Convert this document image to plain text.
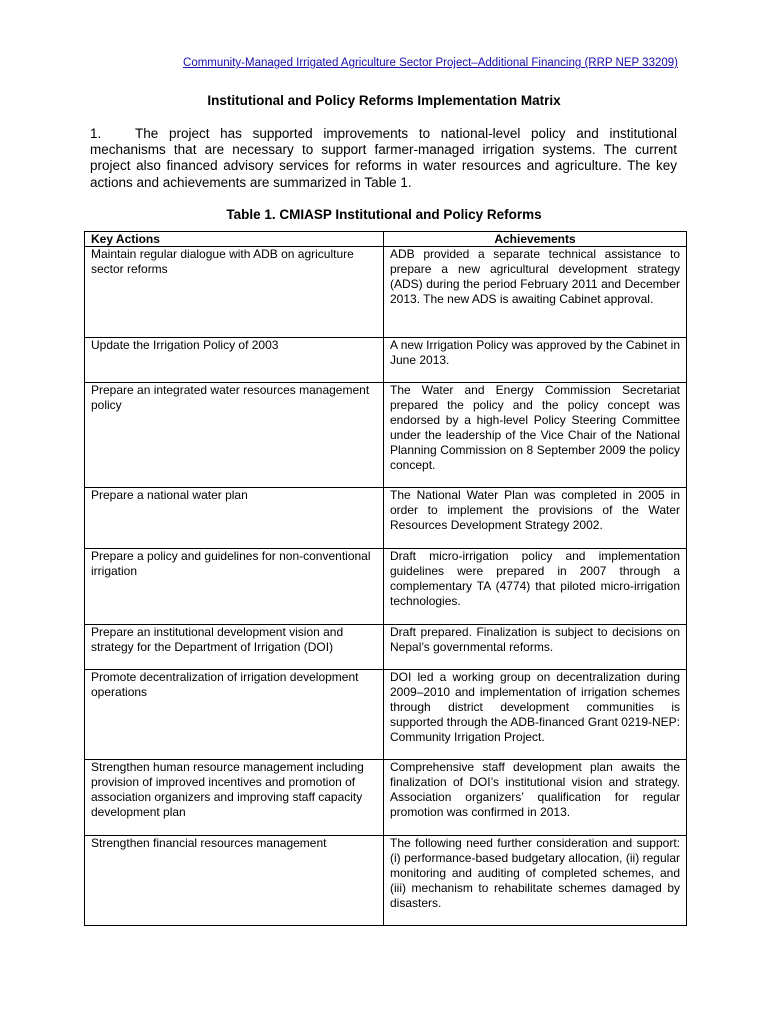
Community-Managed Irrigated Agriculture Sector Project–Additional Financing (RRP NEP 33209)
Institutional and Policy Reforms Implementation Matrix

1. The project has supported improvements to national-level policy and institutional mechanisms that are necessary to support farmer-managed irrigation systems. The current project also financed advisory services for reforms in water resources and agriculture. The key actions and achievements are summarized in Table 1.

Table 1. CMIASP Institutional and Policy Reforms
Key Actions	Achievements
Maintain regular dialogue with ADB on agriculture sector reforms	ADB provided a separate technical assistance to prepare a new agricultural development strategy (ADS) during the period February 2011 and December 2013. The new ADS is awaiting Cabinet approval.
Update the Irrigation Policy of 2003	A new Irrigation Policy was approved by the Cabinet in June 2013.
Prepare an integrated water resources management policy	The Water and Energy Commission Secretariat prepared the policy and the policy concept was endorsed by a high-level Policy Steering Committee under the leadership of the Vice Chair of the National Planning Commission on 8 September 2009 the policy concept.
Prepare a national water plan	The National Water Plan was completed in 2005 in order to implement the provisions of the Water Resources Development Strategy 2002.
Prepare a policy and guidelines for non-conventional irrigation	Draft micro-irrigation policy and implementation guidelines were prepared in 2007 through a complementary TA (4774) that piloted micro-irrigation technologies.
Prepare an institutional development vision and strategy for the Department of Irrigation (DOI)	Draft prepared. Finalization is subject to decisions on Nepal’s governmental reforms.
Promote decentralization of irrigation development operations	DOI led a working group on decentralization during 2009–2010 and implementation of irrigation schemes through district development communities is supported through the ADB-financed Grant 0219-NEP: Community Irrigation Project.
Strengthen human resource management including provision of improved incentives and promotion of association organizers and improving staff capacity development plan	Comprehensive staff development plan awaits the finalization of DOI’s institutional vision and strategy. Association organizers’ qualification for regular promotion was confirmed in 2013.
Strengthen financial resources management	The following need further consideration and support: (i) performance-based budgetary allocation, (ii) regular monitoring and auditing of completed schemes, and (iii) mechanism to rehabilitate schemes damaged by disasters.
